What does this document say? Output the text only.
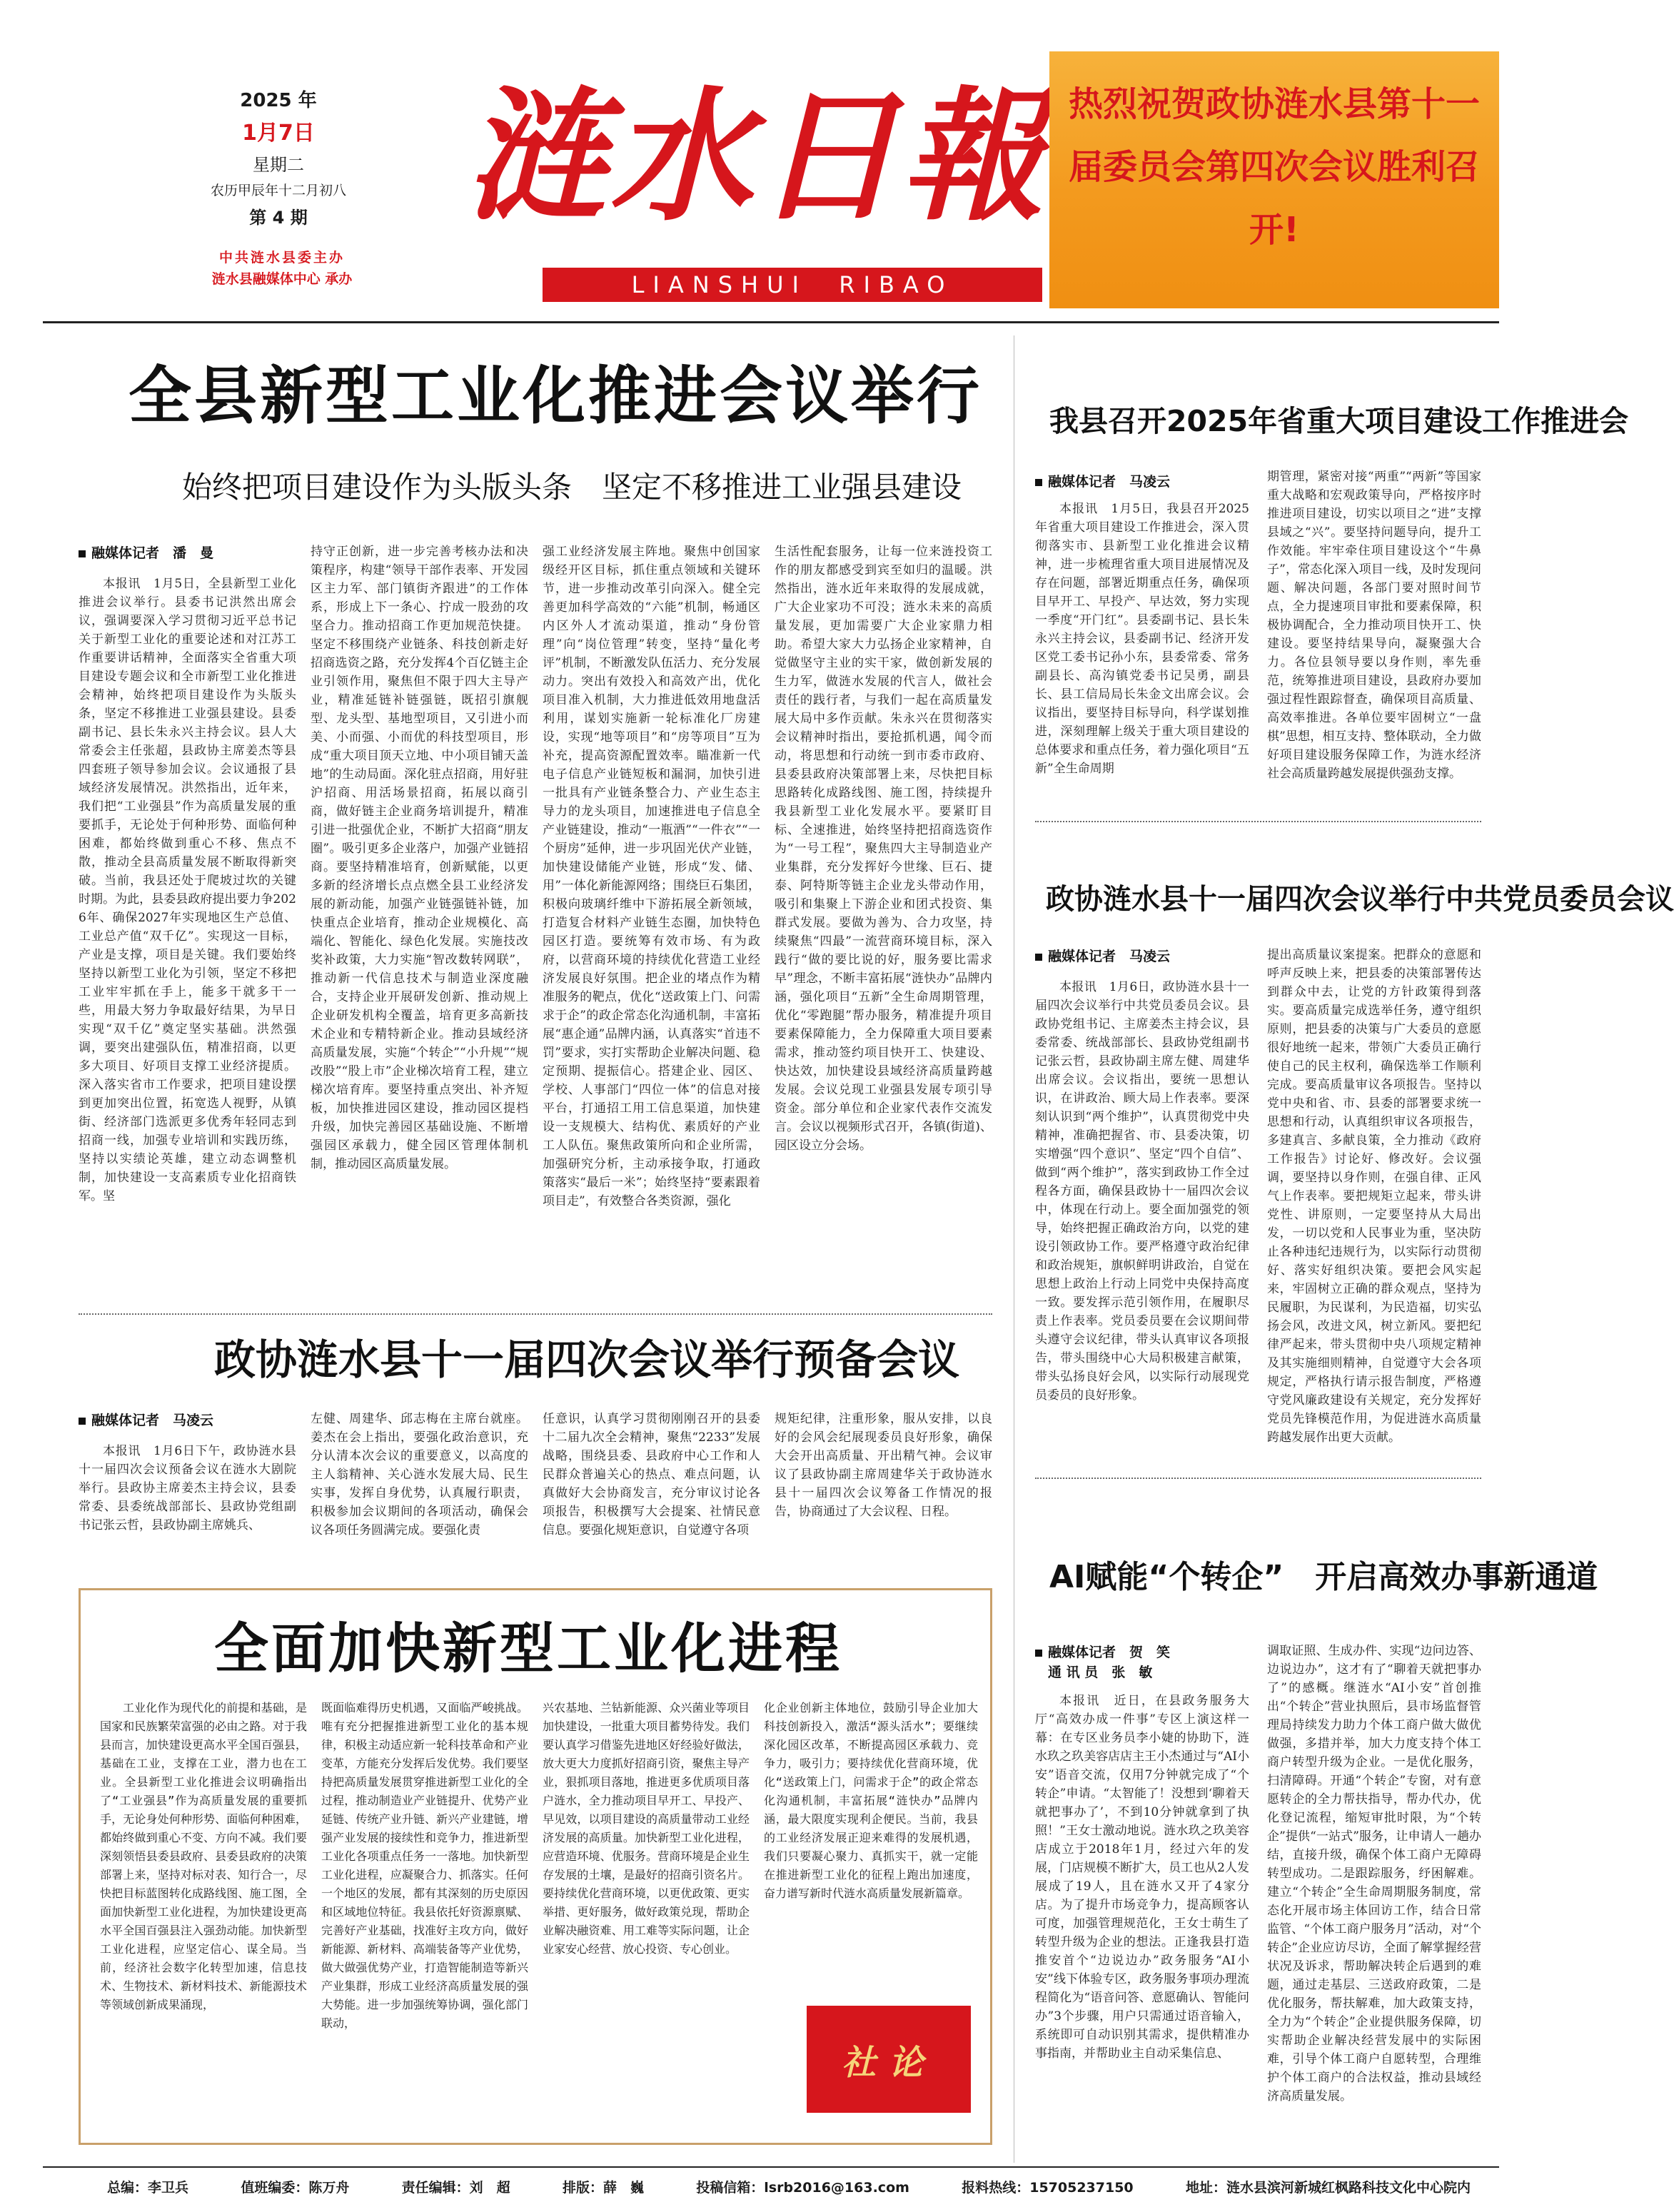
2025 年
1月7日
星期二
农历甲辰年十二月初八
第 4 期
中共涟水县委主办
涟水县融媒体中心 承办
涟水日報
LIANSHUI  RIBAO
热烈祝贺政协涟水县第十一届委员会第四次会议胜利召开!
全县新型工业化推进会议举行
始终把项目建设作为头版头条　坚定不移推进工业强县建设
融媒体记者　潘　曼

本报讯　1月5日，全县新型工业化推进会议举行。县委书记洪然出席会议，强调要深入学习贯彻习近平总书记关于新型工业化的重要论述和对江苏工作重要讲话精神，全面落实全省重大项目建设专题会议和全市新型工业化推进会精神，始终把项目建设作为头版头条，坚定不移推进工业强县建设。县委副书记、县长朱永兴主持会议。县人大常委会主任张超，县政协主席姜杰等县四套班子领导参加会议。会议通报了县域经济发展情况。洪然指出，近年来，我们把“工业强县”作为高质量发展的重要抓手，无论处于何种形势、面临何种困难，都始终做到重心不移、焦点不散，推动全县高质量发展不断取得新突破。当前，我县还处于爬坡过坎的关键时期。为此，县委县政府提出要力争2026年、确保2027年实现地区生产总值、工业总产值“双千亿”。实现这一目标，产业是支撑，项目是关键。我们要始终坚持以新型工业化为引领，坚定不移把工业牢牢抓在手上，能多干就多干一些，用最大努力争取最好结果，为早日实现“双千亿”奠定坚实基础。洪然强调，要突出建强队伍，精准招商，以更多大项目、好项目支撑工业经济提质。深入落实省市工作要求，把项目建设摆到更加突出位置，拓宽选人视野，从镇街、经济部门选派更多优秀年轻同志到招商一线，加强专业培训和实践历练，坚持以实绩论英雄，建立动态调整机制，加快建设一支高素质专业化招商铁军。坚

持守正创新，进一步完善考核办法和决策程序，构建“领导干部作表率、开发园区主力军、部门镇街齐跟进”的工作体系，形成上下一条心、拧成一股劲的攻坚合力。推动招商工作更加规范快捷。坚定不移围绕产业链条、科技创新走好招商选资之路，充分发挥4个百亿链主企业引领作用，聚焦但不限于四大主导产业，精准延链补链强链，既招引旗舰型、龙头型、基地型项目，又引进小而美、小而强、小而优的科技型项目，形成“重大项目顶天立地、中小项目铺天盖地”的生动局面。深化驻点招商，用好驻沪招商、用活场景招商，拓展以商引商，做好链主企业商务培训提升，精准引进一批强优企业，不断扩大招商“朋友圈”。吸引更多企业落户，加强产业链招商。要坚持精准培育，创新赋能，以更多新的经济增长点点燃全县工业经济发展的新动能，加强产业链强链补链，加快重点企业培育，推动企业规模化、高端化、智能化、绿色化发展。实施技改奖补政策，大力实施“智改数转网联”，推动新一代信息技术与制造业深度融合，支持企业开展研发创新、推动规上企业研发机构全覆盖，培育更多高新技术企业和专精特新企业。推动县域经济高质量发展，实施“个转企”“小升规”“规改股”“股上市”企业梯次培育工程，建立梯次培育库。要坚持重点突出、补齐短板，加快推进园区建设，推动园区提档升级，加快完善园区基础设施、不断增强园区承载力，健全园区管理体制机制，推动园区高质量发展。

强工业经济发展主阵地。聚焦中创国家级经开区目标，抓住重点领域和关键环节，进一步推动改革引向深入。健全完善更加科学高效的“六能”机制，畅通区内区外人才流动渠道，推动“身份管理”向“岗位管理”转变，坚持“量化考评”机制，不断激发队伍活力、充分发展动力。突出有效投入和高效产出，优化项目准入机制，大力推进低效用地盘活利用，谋划实施新一轮标准化厂房建设，实现“地等项目”和“房等项目”互为补充，提高资源配置效率。瞄准新一代电子信息产业链短板和漏洞，加快引进一批具有产业链条整合力、产业生态主导力的龙头项目，加速推进电子信息全产业链建设，推动“一瓶酒”“一件衣”“一个厨房”延伸，进一步巩固光伏产业链，加快建设储能产业链，形成“发、储、用”一体化新能源网络；围绕巨石集团，积极向玻璃纤维中下游拓展全新领域，打造复合材料产业链生态圈，加快特色园区打造。要统筹有效市场、有为政府，以营商环境的持续优化营造工业经济发展良好氛围。把企业的堵点作为精准服务的靶点，优化“送政策上门、问需求于企”的政企常态化沟通机制，丰富拓展“惠企通”品牌内涵，认真落实“首违不罚”要求，实打实帮助企业解决问题、稳定预期、提振信心。搭建企业、园区、学校、人事部门“四位一体”的信息对接平台，打通招工用工信息渠道，加快建设一支规模大、结构优、素质好的产业工人队伍。聚焦政策所向和企业所需，加强研究分析，主动承接争取，打通政策落实“最后一米”；始终坚持“要素跟着项目走”，有效整合各类资源，强化

生活性配套服务，让每一位来涟投资工作的朋友都感受到宾至如归的温暖。洪然指出，涟水近年来取得的发展成就，广大企业家功不可没；涟水未来的高质量发展，更加需要广大企业家鼎力相助。希望大家大力弘扬企业家精神，自觉做坚守主业的实干家，做创新发展的生力军，做涟水发展的代言人，做社会责任的践行者，与我们一起在高质量发展大局中多作贡献。朱永兴在贯彻落实会议精神时指出，要抢抓机遇，闻令而动，将思想和行动统一到市委市政府、县委县政府决策部署上来，尽快把目标思路转化成路线图、施工图，持续提升我县新型工业化发展水平。要紧盯目标、全速推进，始终坚持把招商选资作为“一号工程”，聚焦四大主导制造业产业集群，充分发挥好今世缘、巨石、捷泰、阿特斯等链主企业龙头带动作用，吸引和集聚上下游企业和团式投资、集群式发展。要做为善为、合力攻坚，持续聚焦“四最”一流营商环境目标，深入践行“做的要比说的好，服务要比需求早”理念，不断丰富拓展“涟快办”品牌内涵，强化项目“五新”全生命周期管理，优化“零跑腿”帮办服务，精准提升项目要素保障能力，全力保障重大项目要素需求，推动签约项目快开工、快建设、快达效，加快建设县域经济高质量跨越发展。会议兑现工业强县发展专项引导资金。部分单位和企业家代表作交流发言。会议以视频形式召开，各镇(街道)、园区设立分会场。

政协涟水县十一届四次会议举行预备会议
融媒体记者　马凌云

本报讯　1月6日下午，政协涟水县十一届四次会议预备会议在涟水大剧院举行。县政协主席姜杰主持会议，县委常委、县委统战部部长、县政协党组副书记张云哲，县政协副主席姚兵、

左健、周建华、邱志梅在主席台就座。姜杰在会上指出，要强化政治意识，充分认清本次会议的重要意义，以高度的主人翁精神、关心涟水发展大局、民生实事，发挥自身优势，认真履行职责，积极参加会议期间的各项活动，确保会议各项任务圆满完成。要强化责

任意识，认真学习贯彻刚刚召开的县委十二届九次全会精神，聚焦“2233”发展战略，围绕县委、县政府中心工作和人民群众普遍关心的热点、难点问题，认真做好大会协商发言，充分审议讨论各项报告，积极撰写大会提案、社情民意信息。要强化规矩意识，自觉遵守各项

规矩纪律，注重形象，服从安排，以良好的会风会纪展现委员良好形象，确保大会开出高质量、开出精气神。会议审议了县政协副主席周建华关于政协涟水县十一届四次会议筹备工作情况的报告，协商通过了大会议程、日程。

全面加快新型工业化进程

工业化作为现代化的前提和基础，是国家和民族繁荣富强的必由之路。对于我县而言，加快建设更高水平全国百强县，基础在工业，支撑在工业，潜力也在工业。全县新型工业化推进会议明确指出了“工业强县”作为高质量发展的重要抓手，无论身处何种形势、面临何种困难，都始终做到重心不变、方向不减。我们要深刻领悟县委县政府、县委县政府的决策部署上来，坚持对标对表、知行合一，尽快把目标蓝图转化成路线图、施工图，全面加快新型工业化进程，为加快建设更高水平全国百强县注入强劲动能。加快新型工业化进程，应坚定信心、谋全局。当前，经济社会数字化转型加速，信息技术、生物技术、新材料技术、新能源技术等领域创新成果涌现，

既面临难得历史机遇，又面临严峻挑战。唯有充分把握推进新型工业化的基本规律，积极主动适应新一轮科技革命和产业变革，方能充分发挥后发优势。我们要坚持把高质量发展贯穿推进新型工业化的全过程，推动制造业产业链提升、优势产业延链、传统产业升链、新兴产业建链，增强产业发展的接续性和竞争力，推进新型工业化各项重点任务一一落地。加快新型工业化进程，应凝聚合力、抓落实。任何一个地区的发展，都有其深刻的历史原因和区域地位特征。我县依托好资源禀赋、完善好产业基础，找准好主攻方向，做好新能源、新材料、高端装备等产业优势，做大做强优势产业，打造智能制造等新兴产业集群，形成工业经济高质量发展的强大势能。进一步加强统筹协调，强化部门联动，

兴农基地、兰钻新能源、众兴菌业等项目加快建设，一批重大项目蓄势待发。我们要认真学习借鉴先进地区好经验好做法，放大更大力度抓好招商引资，聚焦主导产业，狠抓项目落地，推进更多优质项目落户涟水，全力推动项目早开工、早投产、早见效，以项目建设的高质量带动工业经济发展的高质量。加快新型工业化进程，应营造环境、优服务。营商环境是企业生存发展的土壤，是最好的招商引资名片。要持续优化营商环境，以更优政策、更实举措、更好服务，做好政策兑现，帮助企业解决融资难、用工难等实际问题，让企业家安心经营、放心投资、专心创业。

化企业创新主体地位，鼓励引导企业加大科技创新投入，激活“源头活水”；要继续深化园区改革，不断提高园区承载力、竞争力，吸引力；要持续优化营商环境，优化“送政策上门，问需求于企”的政企常态化沟通机制，丰富拓展“涟快办”品牌内涵，最大限度实现利企便民。当前，我县的工业经济发展正迎来难得的发展机遇，我们只要凝心聚力、真抓实干，就一定能在推进新型工业化的征程上跑出加速度，奋力谱写新时代涟水高质量发展新篇章。

社论
我县召开2025年省重大项目建设工作推进会
融媒体记者　马凌云

本报讯　1月5日，我县召开2025年省重大项目建设工作推进会，深入贯彻落实市、县新型工业化推进会议精神，进一步梳理省重大项目进展情况及存在问题，部署近期重点任务，确保项目早开工、早投产、早达效，努力实现一季度“开门红”。县委副书记、县长朱永兴主持会议，县委副书记、经济开发区党工委书记孙小东，县委常委、常务副县长、高沟镇党委书记吴勇，副县长、县工信局局长朱金文出席会议。会议指出，要坚持目标导向，科学谋划推进，深刻理解上级关于重大项目建设的总体要求和重点任务，着力强化项目“五新”全生命周期

期管理，紧密对接“两重”“两新”等国家重大战略和宏观政策导向，严格按序时推进项目建设，切实以项目之“进”支撑县域之“兴”。要坚持问题导向，提升工作效能。牢牢牵住项目建设这个“牛鼻子”，常态化深入项目一线，及时发现问题、解决问题，各部门要对照时间节点，全力提速项目审批和要素保障，积极协调配合，全力推动项目快开工、快建设。要坚持结果导向，凝聚强大合力。各位县领导要以身作则，率先垂范，统筹推进项目建设，县政府办要加强过程性跟踪督查，确保项目高质量、高效率推进。各单位要牢固树立“一盘棋”思想，相互支持、整体联动，全力做好项目建设服务保障工作，为涟水经济社会高质量跨越发展提供强劲支撑。

政协涟水县十一届四次会议举行中共党员委员会议
融媒体记者　马凌云

本报讯　1月6日，政协涟水县十一届四次会议举行中共党员委员会议。县政协党组书记、主席姜杰主持会议，县委常委、统战部部长、县政协党组副书记张云哲，县政协副主席左健、周建华出席会议。会议指出，要统一思想认识，在讲政治、顾大局上作表率。要深刻认识到“两个维护”，认真贯彻党中央精神，准确把握省、市、县委决策，切实增强“四个意识”、坚定“四个自信”、做到“两个维护”，落实到政协工作全过程各方面，确保县政协十一届四次会议中，体现在行动上。要全面加强党的领导，始终把握正确政治方向，以党的建设引领政协工作。要严格遵守政治纪律和政治规矩，旗帜鲜明讲政治，自觉在思想上政治上行动上同党中央保持高度一致。要发挥示范引领作用，在履职尽责上作表率。党员委员要在会议期间带头遵守会议纪律，带头认真审议各项报告，带头围绕中心大局积极建言献策，带头弘扬良好会风，以实际行动展现党员委员的良好形象。

提出高质量议案提案。把群众的意愿和呼声反映上来，把县委的决策部署传达到群众中去，让党的方针政策得到落实。要高质量完成选举任务，遵守组织原则，把县委的决策与广大委员的意愿很好地统一起来，带领广大委员正确行使自己的民主权利，确保选举工作顺利完成。要高质量审议各项报告。坚持以党中央和省、市、县委的部署要求统一思想和行动，认真组织审议各项报告，多建真言、多献良策，全力推动《政府工作报告》讨论好、修改好。会议强调，要坚持以身作则，在强自律、正风气上作表率。要把规矩立起来，带头讲党性、讲原则，一定要坚持从大局出发，一切以党和人民事业为重，坚决防止各种违纪违规行为，以实际行动贯彻好、落实好组织决策。要把会风实起来，牢固树立正确的群众观点，坚持为民履职，为民谋利，为民造福，切实弘扬会风，改进文风，树立新风。要把纪律严起来，带头贯彻中央八项规定精神及其实施细则精神，自觉遵守大会各项规定，严格执行请示报告制度，严格遵守党风廉政建设有关规定，充分发挥好党员先锋模范作用，为促进涟水高质量跨越发展作出更大贡献。

AI赋能“个转企”　开启高效办事新通道
融媒体记者　贺　笑
通 讯 员　张　敏

本报讯　近日，在县政务服务大厅“高效办成一件事”专区上演这样一幕：在专区业务员李小婕的协助下，涟水玖之玖美容店店主王小杰通过与“AI小安”语音交流，仅用7分钟就完成了“个转企”申请。“太智能了！没想到‘聊着天就把事办了’，不到10分钟就拿到了执照！”王女士激动地说。涟水玖之玖美容店成立于2018年1月，经过六年的发展，门店规模不断扩大，员工也从2人发展成了19人，且在涟水又开了4家分店。为了提升市场竞争力，提高顾客认可度，加强管理规范化，王女士萌生了转型升级为企业的想法。正逢我县打造推安首个“边说边办”政务服务“AI小安”线下体验专区，政务服务事项办理流程简化为“语音问答、意愿确认、智能问办”3个步骤，用户只需通过语音输入，系统即可自动识别其需求，提供精准办事指南，并帮助业主自动采集信息、

调取证照、生成办件、实现“边问边答、边说边办”，这才有了“聊着天就把事办了”的感概。继涟水“AI小安”首创推出“个转企”营业执照后，县市场监督管理局持续发力助力个体工商户做大做优做强，多措并举，加大力度支持个体工商户转型升级为企业。一是优化服务，扫清障碍。开通“个转企”专窗，对有意愿转企的全力帮扶指导，帮办代办，优化登记流程，缩短审批时限，为“个转企”提供“一站式”服务，让申请人一趟办结，直接升级，确保个体工商户无障碍转型成功。二是跟踪服务，纾困解难。建立“个转企”全生命周期服务制度，常态化开展市场主体回访工作，结合日常监管、“个体工商户服务月”活动，对“个转企”企业应访尽访，全面了解掌握经营状况及诉求，帮助解决转企后遇到的难题，通过走基层、三送政府政策，二是优化服务，帮扶解难，加大政策支持，全力为“个转企”企业提供服务保障，切实帮助企业解决经营发展中的实际困难，引导个体工商户自愿转型，合理维护个体工商户的合法权益，推动县域经济高质量发展。

总编：李卫兵	值班编委：陈万舟	责任编辑：刘　超	排版：薛　巍	投稿信箱：lsrb2016@163.com	报料热线：15705237150	地址：涟水县滨河新城红枫路科技文化中心院内
